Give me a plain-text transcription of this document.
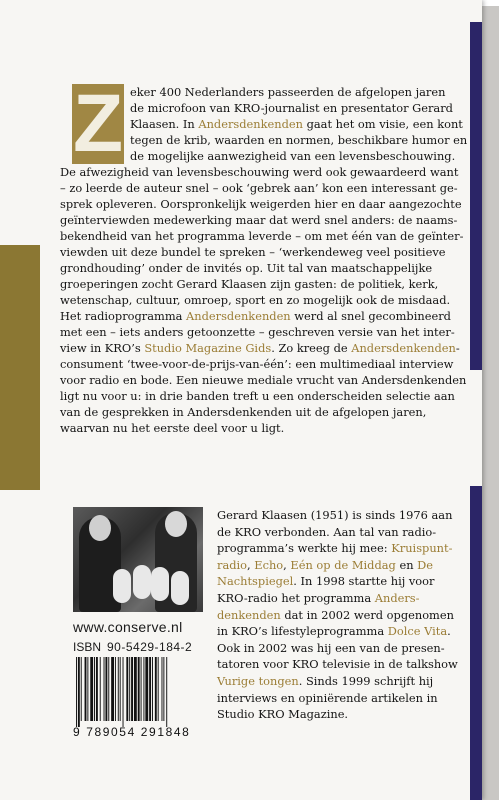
eker 400 Nederlanders passeerden de afgelopen jaren
de microfoon van KRO-journalist en presentator Gerard
Klaasen. In Andersdenkenden gaat het om visie, een kont
tegen de krib, waarden en normen, beschikbare humor en
de mogelijke aanwezigheid van een levensbeschouwing.
De afwezigheid van levensbeschouwing werd ook gewaardeerd want
– zo leerde de auteur snel – ook ‘gebrek aan’ kon een interessant ge-
sprek opleveren. Oorspronkelijk weigerden hier en daar aangezochte
geïnterviewden medewerking maar dat werd snel anders: de naams-
bekendheid van het programma leverde – om met één van de geïnter-
viewden uit deze bundel te spreken – ‘werkendeweg veel positieve
grondhouding’ onder de invités op. Uit tal van maatschappelijke
groeperingen zocht Gerard Klaasen zijn gasten: de politiek, kerk,
wetenschap, cultuur, omroep, sport en zo mogelijk ook de misdaad.
Het radioprogramma Andersdenkenden werd al snel gecombineerd
met een – iets anders getoonzette – geschreven versie van het inter-
view in KRO’s Studio Magazine Gids. Zo kreeg de Andersdenkenden-
consument ‘twee-voor-de-prijs-van-één’: een multimediaal interview
voor radio en bode. Een nieuwe mediale vrucht van Andersdenkenden
ligt nu voor u: in drie banden treft u een onderscheiden selectie aan
van de gesprekken in Andersdenkenden uit de afgelopen jaren,
waarvan nu het eerste deel voor u ligt.
Z
www.conserve.nl
ISBN 90-5429-184-2
9 789054 291848
Gerard Klaasen (1951) is sinds 1976 aan
de KRO verbonden. Aan tal van radio-
programma’s werkte hij mee: Kruispunt-
radio, Echo, Eén op de Middag en De
Nachtspiegel. In 1998 startte hij voor
KRO-radio het programma Anders-
denkenden dat in 2002 werd opgenomen
in KRO’s lifestyleprogramma Dolce Vita.
Ook in 2002 was hij een van de presen-
tatoren voor KRO televisie in de talkshow
Vurige tongen. Sinds 1999 schrijft hij
interviews en opiniërende artikelen in
Studio KRO Magazine.
